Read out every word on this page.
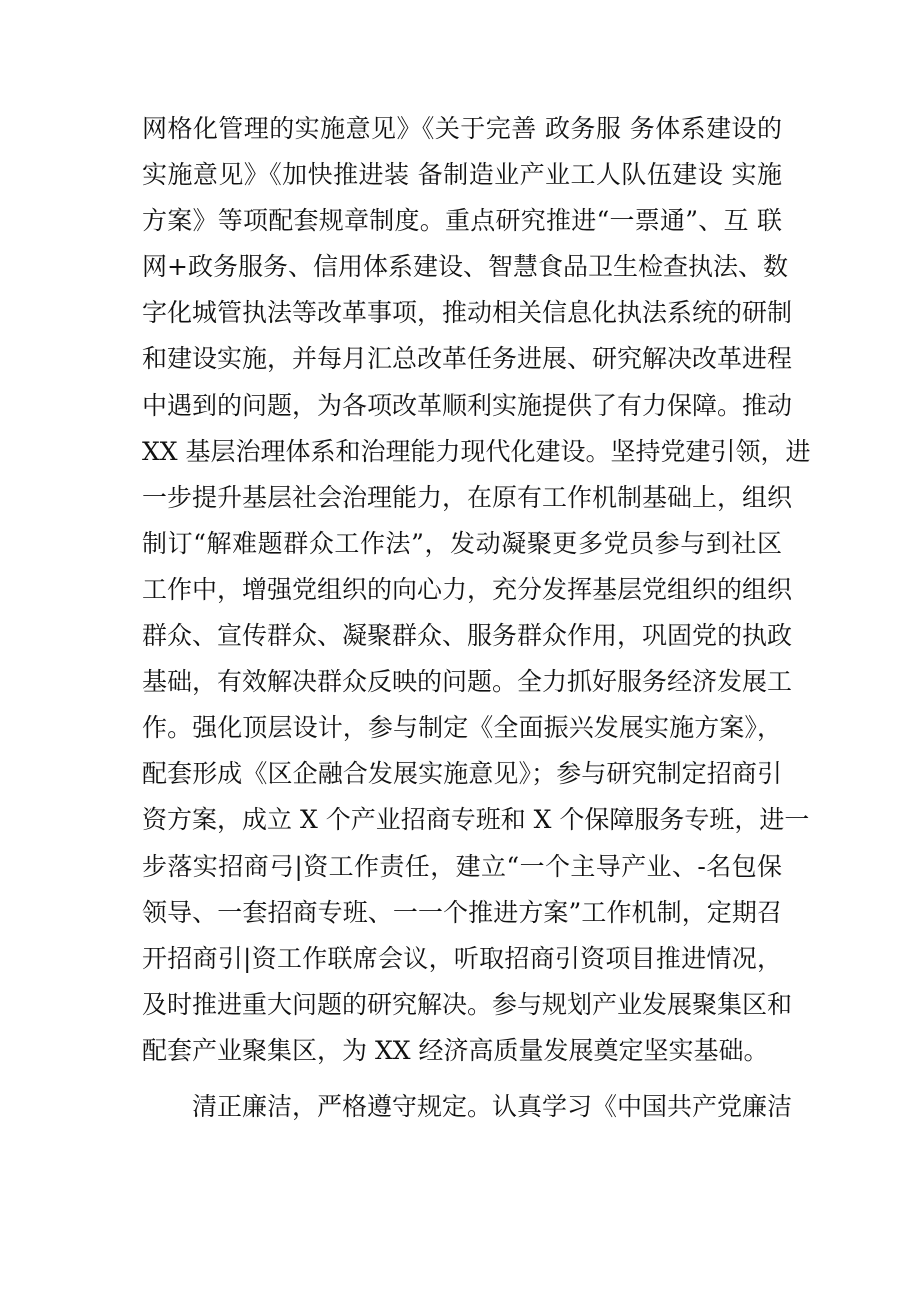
网格化管理的实施意见》《关于完善 政务服 务体系建设的
实施意见》《加快推进装 备制造业产业工人队伍建设 实施
方案》等项配套规章制度。重点研究推进“一票通”、互 联
网+政务服务、信用体系建设、智慧食品卫生检查执法、数
字化城管执法等改革事项，推动相关信息化执法系统的研制
和建设实施，并每月汇总改革任务进展、研究解决改革进程
中遇到的问题，为各项改革顺利实施提供了有力保障。推动
XX 基层治理体系和治理能力现代化建设。坚持党建引领，进
一步提升基层社会治理能力，在原有工作机制基础上，组织
制订“解难题群众工作法”，发动凝聚更多党员参与到社区
工作中，增强党组织的向心力，充分发挥基层党组织的组织
群众、宣传群众、凝聚群众、服务群众作用，巩固党的执政
基础，有效解决群众反映的问题。全力抓好服务经济发展工
作。强化顶层设计，参与制定《全面振兴发展实施方案》，
配套形成《区企融合发展实施意见》；参与研究制定招商引
资方案，成立 X 个产业招商专班和 X 个保障服务专班，进一
步落实招商弓|资工作责任，建立“一个主导产业、-名包保
领导、一套招商专班、一一个推进方案”工作机制，定期召
开招商引|资工作联席会议，听取招商引资项目推进情况，
及时推进重大问题的研究解决。参与规划产业发展聚集区和
配套产业聚集区，为 XX 经济高质量发展奠定坚实基础。
　　清正廉洁，严格遵守规定。认真学习《中国共产党廉洁
